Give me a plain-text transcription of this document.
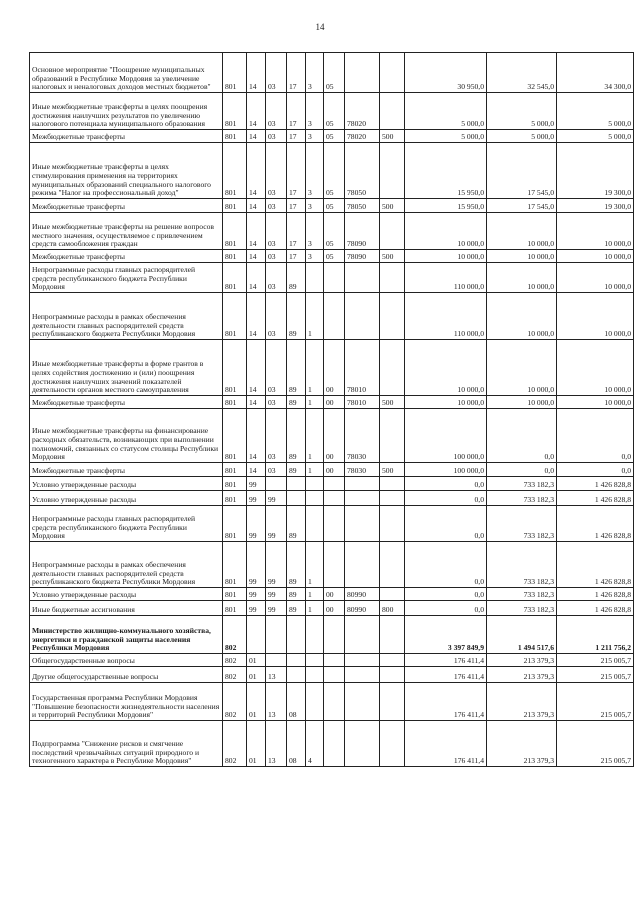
14
Основное мероприятие "Поощрение муниципальных образований в Республике Мордовия за увеличение налоговых и неналоговых доходов местных бюджетов"	801	14	03	17	3	05			30 950,0	32 545,0	34 300,0
Иные межбюджетные трансферты в целях поощрения достижения наилучших результатов по увеличению налогового потенциала муниципального образования	801	14	03	17	3	05	78020		5 000,0	5 000,0	5 000,0
Межбюджетные трансферты	801	14	03	17	3	05	78020	500	5 000,0	5 000,0	5 000,0
Иные межбюджетные трансферты в целях стимулирования применения на территориях муниципальных образований специального налогового режима "Налог на профессиональный доход"	801	14	03	17	3	05	78050		15 950,0	17 545,0	19 300,0
Межбюджетные трансферты	801	14	03	17	3	05	78050	500	15 950,0	17 545,0	19 300,0
Иные межбюджетные трансферты на решение вопросов местного значения, осуществляемое с привлечением средств самообложения граждан	801	14	03	17	3	05	78090		10 000,0	10 000,0	10 000,0
Межбюджетные трансферты	801	14	03	17	3	05	78090	500	10 000,0	10 000,0	10 000,0
Непрограммные расходы главных распорядителей средств республиканского бюджета Республики Мордовия	801	14	03	89					110 000,0	10 000,0	10 000,0
Непрограммные расходы в рамках обеспечения деятельности главных распорядителей средств республиканского бюджета Республики Мордовия	801	14	03	89	1				110 000,0	10 000,0	10 000,0
Иные межбюджетные трансферты в форме грантов в целях содействия достижению и (или) поощрения достижения наилучших значений показателей деятельности органов местного самоуправления	801	14	03	89	1	00	78010		10 000,0	10 000,0	10 000,0
Межбюджетные трансферты	801	14	03	89	1	00	78010	500	10 000,0	10 000,0	10 000,0
Иные межбюджетные трансферты на финансирование расходных обязательств, возникающих при выполнении полномочий, связанных со статусом столицы Республики Мордовия	801	14	03	89	1	00	78030		100 000,0	0,0	0,0
Межбюджетные трансферты	801	14	03	89	1	00	78030	500	100 000,0	0,0	0,0
Условно утвержденные расходы	801	99							0,0	733 182,3	1 426 828,8
Условно утвержденные расходы	801	99	99						0,0	733 182,3	1 426 828,8
Непрограммные расходы главных распорядителей средств республиканского бюджета Республики Мордовия	801	99	99	89					0,0	733 182,3	1 426 828,8
Непрограммные расходы в рамках обеспечения деятельности главных распорядителей средств республиканского бюджета Республики Мордовия	801	99	99	89	1				0,0	733 182,3	1 426 828,8
Условно утвержденные расходы	801	99	99	89	1	00	80990		0,0	733 182,3	1 426 828,8
Иные бюджетные ассигнования	801	99	99	89	1	00	80990	800	0,0	733 182,3	1 426 828,8
Министерство жилищно-коммунального хозяйства, энергетики и гражданской защиты населения Республики Мордовия	802								3 397 849,9	1 494 517,6	1 211 756,2
Общегосударственные вопросы	802	01							176 411,4	213 379,3	215 005,7
Другие общегосударственные вопросы	802	01	13						176 411,4	213 379,3	215 005,7
Государственная программа Республики Мордовия "Повышение безопасности жизнедеятельности населения и территорий Республики Мордовия"	802	01	13	08					176 411,4	213 379,3	215 005,7
Подпрограмма "Снижение рисков и смягчение последствий чрезвычайных ситуаций природного и техногенного характера в Республике Мордовия"	802	01	13	08	4				176 411,4	213 379,3	215 005,7
